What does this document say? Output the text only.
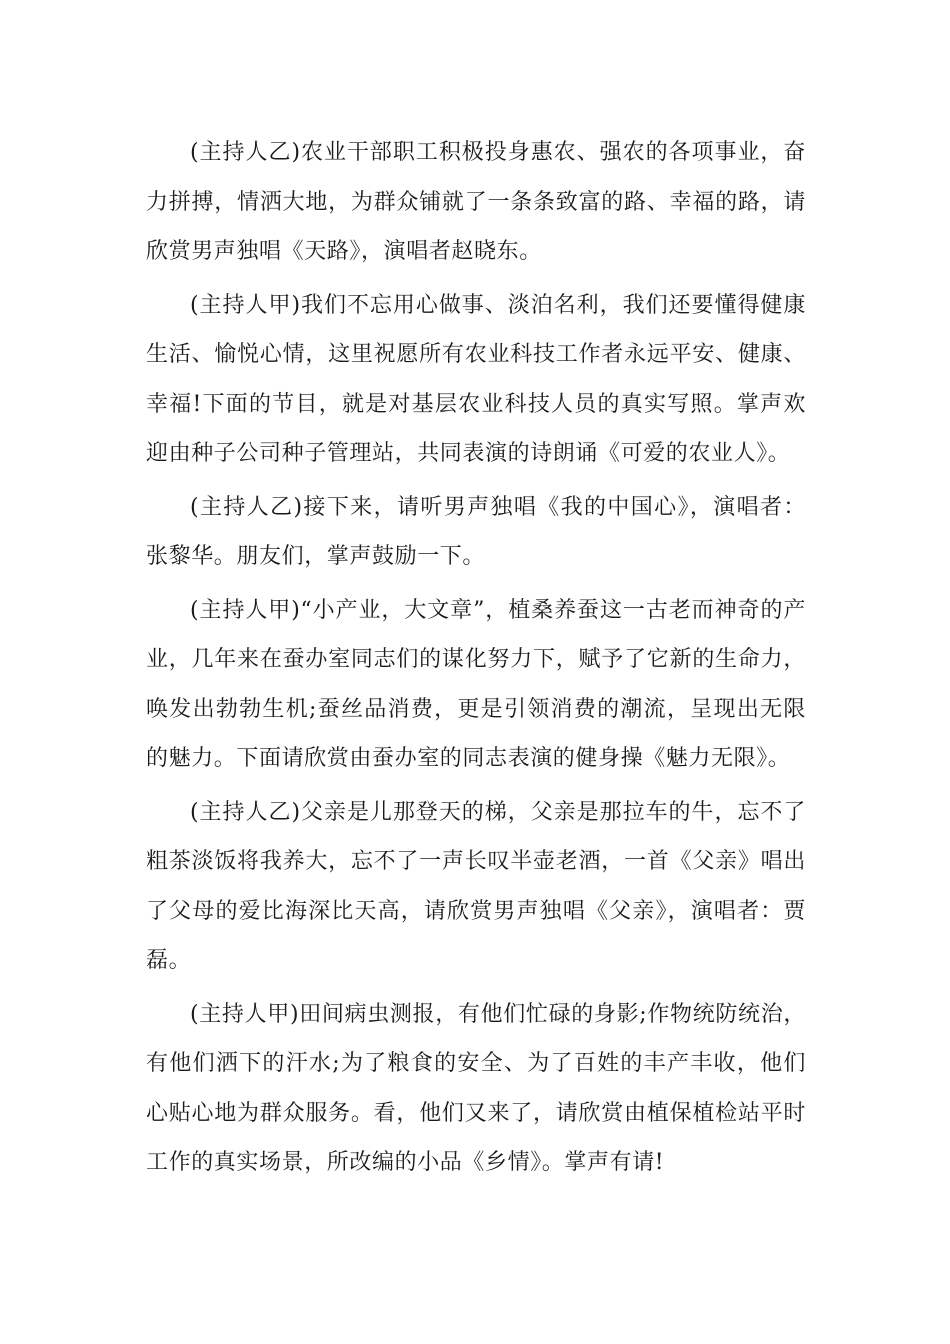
(主持人乙)农业干部职工积极投身惠农、强农的各项事业，奋力拼搏，情洒大地，为群众铺就了一条条致富的路、幸福的路，请欣赏男声独唱《天路》，演唱者赵晓东。

(主持人甲)我们不忘用心做事、淡泊名利，我们还要懂得健康生活、愉悦心情，这里祝愿所有农业科技工作者永远平安、健康、幸福!下面的节目，就是对基层农业科技人员的真实写照。掌声欢迎由种子公司种子管理站，共同表演的诗朗诵《可爱的农业人》。

(主持人乙)接下来，请听男声独唱《我的中国心》，演唱者：张黎华。朋友们，掌声鼓励一下。

(主持人甲)“小产业，大文章”，植桑养蚕这一古老而神奇的产业，几年来在蚕办室同志们的谋化努力下，赋予了它新的生命力，唤发出勃勃生机;蚕丝品消费，更是引领消费的潮流，呈现出无限的魅力。下面请欣赏由蚕办室的同志表演的健身操《魅力无限》。

(主持人乙)父亲是儿那登天的梯，父亲是那拉车的牛，忘不了粗茶淡饭将我养大，忘不了一声长叹半壶老酒，一首《父亲》唱出了父母的爱比海深比天高，请欣赏男声独唱《父亲》，演唱者：贾磊。

(主持人甲)田间病虫测报，有他们忙碌的身影;作物统防统治，有他们洒下的汗水;为了粮食的安全、为了百姓的丰产丰收，他们心贴心地为群众服务。看，他们又来了，请欣赏由植保植检站平时工作的真实场景，所改编的小品《乡情》。掌声有请!
